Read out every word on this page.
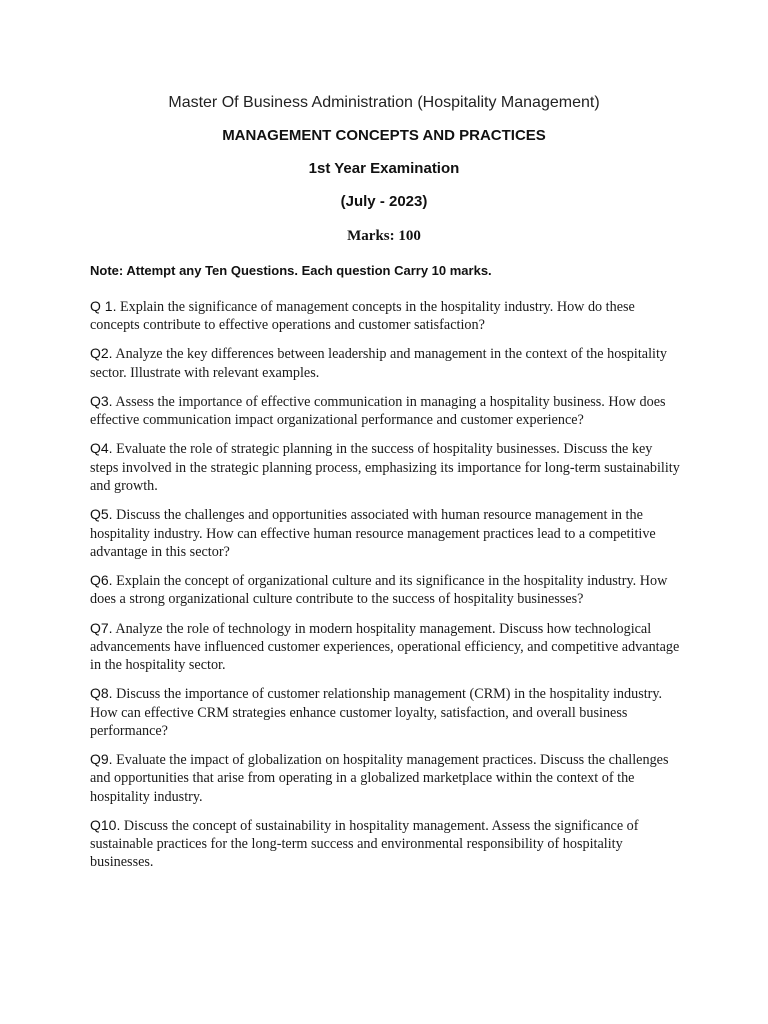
Master Of Business Administration (Hospitality Management)
MANAGEMENT CONCEPTS AND PRACTICES
1st Year Examination
(July - 2023)
Marks: 100
Note: Attempt any Ten Questions. Each question Carry 10 marks.

Q 1. Explain the significance of management concepts in the hospitality industry. How do these concepts contribute to effective operations and customer satisfaction?

Q2. Analyze the key differences between leadership and management in the context of the hospitality sector. Illustrate with relevant examples.

Q3. Assess the importance of effective communication in managing a hospitality business. How does effective communication impact organizational performance and customer experience?

Q4. Evaluate the role of strategic planning in the success of hospitality businesses. Discuss the key steps involved in the strategic planning process, emphasizing its importance for long-term sustainability and growth.

Q5. Discuss the challenges and opportunities associated with human resource management in the hospitality industry. How can effective human resource management practices lead to a competitive advantage in this sector?

Q6. Explain the concept of organizational culture and its significance in the hospitality industry. How does a strong organizational culture contribute to the success of hospitality businesses?

Q7. Analyze the role of technology in modern hospitality management. Discuss how technological advancements have influenced customer experiences, operational efficiency, and competitive advantage in the hospitality sector.

Q8. Discuss the importance of customer relationship management (CRM) in the hospitality industry. How can effective CRM strategies enhance customer loyalty, satisfaction, and overall business performance?

Q9. Evaluate the impact of globalization on hospitality management practices. Discuss the challenges and opportunities that arise from operating in a globalized marketplace within the context of the hospitality industry.

Q10. Discuss the concept of sustainability in hospitality management. Assess the significance of sustainable practices for the long-term success and environmental responsibility of hospitality businesses.
